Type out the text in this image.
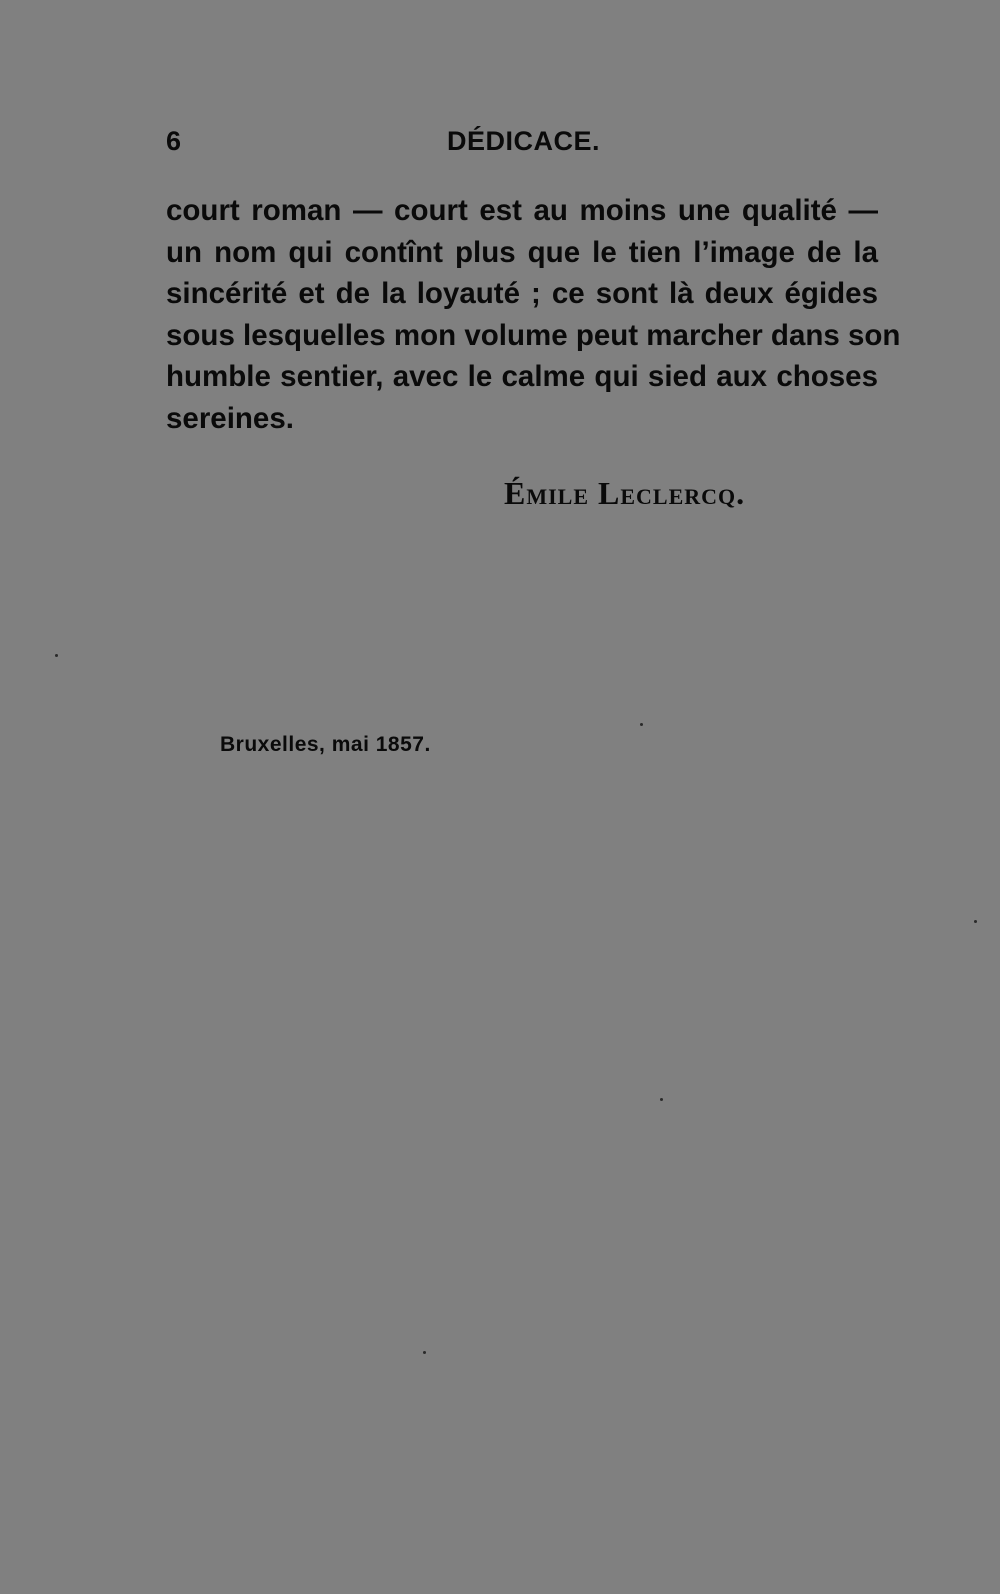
6	DÉDICACE.
court roman — court est au moins une qualité —
un nom qui contînt plus que le tien l’image de la
sincérité et de la loyauté ; ce sont là deux égides
sous lesquelles mon volume peut marcher dans son
humble sentier, avec le calme qui sied aux choses
sereines.
Émile Leclercq.
Bruxelles, mai 1857.
